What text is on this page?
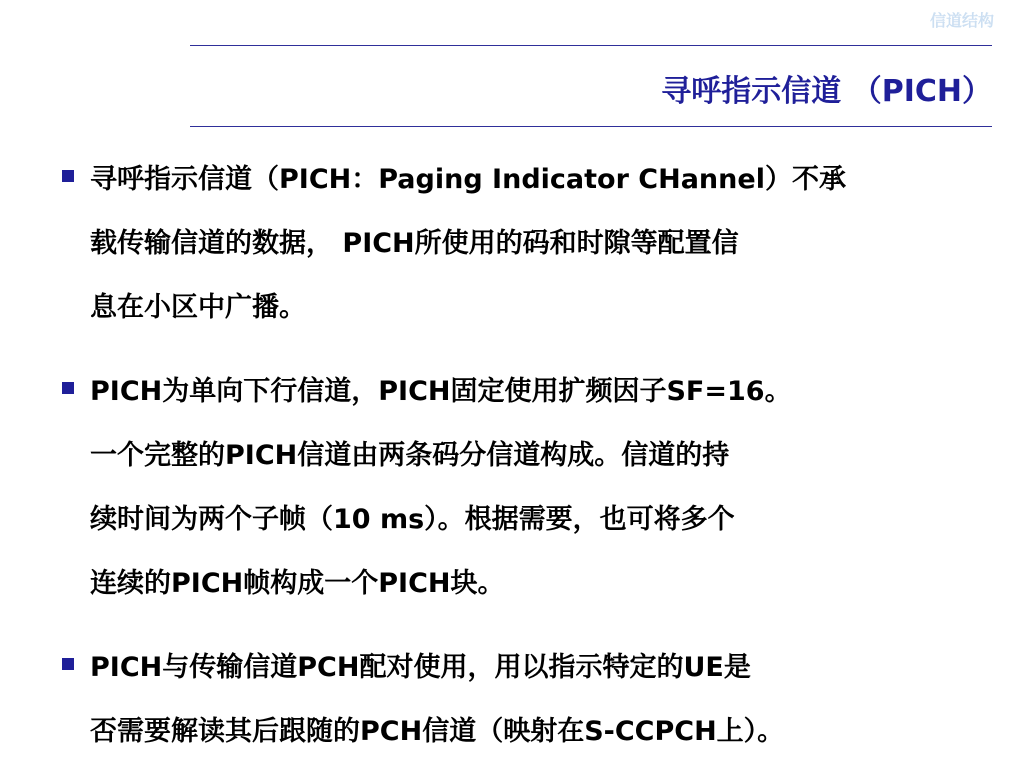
信道结构
寻呼指示信道 （PICH）
寻呼指示信道（PICH：Paging Indicator CHannel）不承
载传输信道的数据， PICH所使用的码和时隙等配置信
息在小区中广播。
PICH为单向下行信道，PICH固定使用扩频因子SF=16。
一个完整的PICH信道由两条码分信道构成。信道的持
续时间为两个子帧（10 ms）。根据需要，也可将多个
连续的PICH帧构成一个PICH块。
PICH与传输信道PCH配对使用，用以指示特定的UE是
否需要解读其后跟随的PCH信道（映射在S-CCPCH上）。
